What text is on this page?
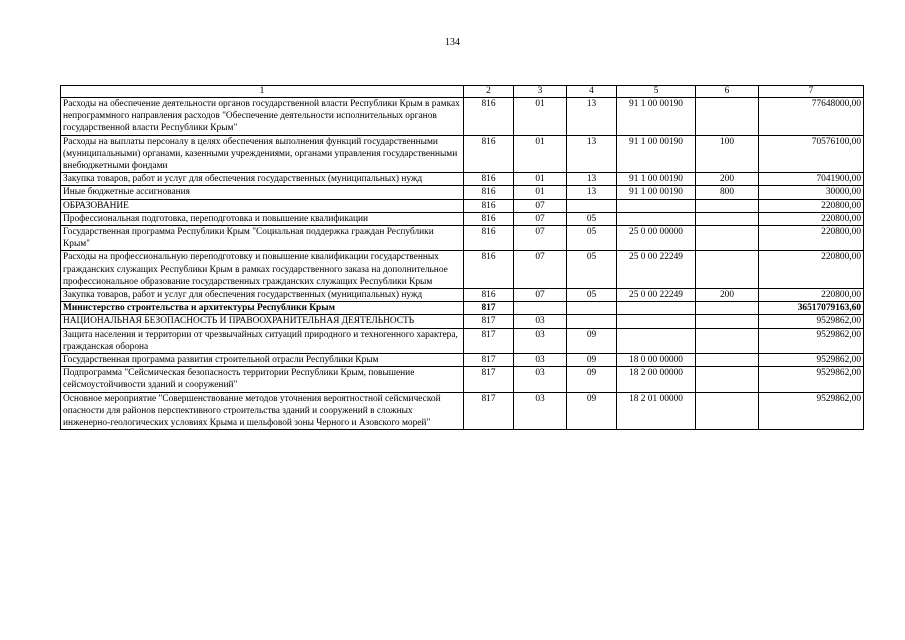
134
1	2	3	4	5	6	7
Расходы на обеспечение деятельности органов государственной власти Республики Крым в рамках непрограммного направления расходов "Обеспечение деятельности исполнительных органов государственной власти Республики Крым"	816	01	13	91 1 00 00190		77648000,00
Расходы на выплаты персоналу в целях обеспечения выполнения функций государственными (муниципальными) органами, казенными учреждениями, органами управления государственными внебюджетными фондами	816	01	13	91 1 00 00190	100	70576100,00
Закупка товаров, работ и услуг для обеспечения государственных (муниципальных) нужд	816	01	13	91 1 00 00190	200	7041900,00
Иные бюджетные ассигнования	816	01	13	91 1 00 00190	800	30000,00
ОБРАЗОВАНИЕ	816	07				220800,00
Профессиональная подготовка, переподготовка и повышение квалификации	816	07	05			220800,00
Государственная программа Республики Крым "Социальная поддержка граждан Республики Крым"	816	07	05	25 0 00 00000		220800,00
Расходы на профессиональную переподготовку и повышение квалификации государственных гражданских служащих Республики Крым в рамках государственного заказа на дополнительное профессиональное образование государственных гражданских служащих Республики Крым	816	07	05	25 0 00 22249		220800,00
Закупка товаров, работ и услуг для обеспечения государственных (муниципальных) нужд	816	07	05	25 0 00 22249	200	220800,00
Министерство строительства и архитектуры Республики Крым	817					36517079163,60
НАЦИОНАЛЬНАЯ БЕЗОПАСНОСТЬ И ПРАВООХРАНИТЕЛЬНАЯ ДЕЯТЕЛЬНОСТЬ	817	03				9529862,00
Защита населения и территории от чрезвычайных ситуаций природного и техногенного характера, гражданская оборона	817	03	09			9529862,00
Государственная программа развития строительной отрасли Республики Крым	817	03	09	18 0 00 00000		9529862,00
Подпрограмма "Сейсмическая безопасность территории Республики Крым, повышение сейсмоустойчивости зданий и сооружений"	817	03	09	18 2 00 00000		9529862,00
Основное мероприятие "Совершенствование методов уточнения вероятностной сейсмической опасности для районов перспективного строительства зданий и сооружений в сложных инженерно-геологических условиях Крыма и шельфовой зоны Черного и Азовского морей"	817	03	09	18 2 01 00000		9529862,00
